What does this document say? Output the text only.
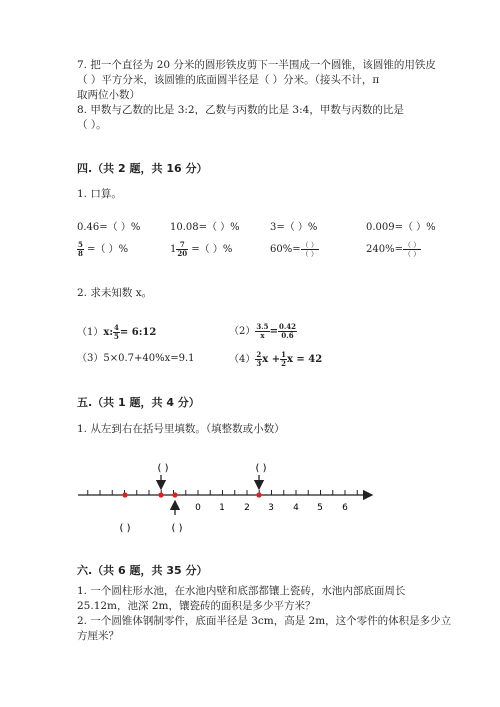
7. 把一个直径为 20 分米的圆形铁皮剪下一半围成一个圆锥，该圆锥的用铁皮
（ ）平方分米，该圆锥的底面圆半径是（ ）分米。（接头不计，π
取两位小数）
8. 甲数与乙数的比是 3:2，乙数与丙数的比是 3:4，甲数与丙数的比是
（ ）。
四.（共 2 题，共 16 分）
1. 口算。
0.46=（ ）%	10.08=（ ）%	3=（ ）%	0.009=（ ）%
$\frac{5}{8}$ =（ ）%	$1 \frac{7}{20}$ =（ ）%	$60\%= \frac{( )}{( )}$	$240\%= \frac{( )}{( )}$
2. 求未知数 x。
（1）x: $\frac{4}{5}$ = 6:12	$(2) \frac{3.5}{x} = \frac{0.42}{0.6}$
（3）5×0.7+40%x=9.1	$(4) \frac{2}{3}$ $x + \frac{1}{2}$ x = 42
五.（共 1 题，共 4 分）
1. 从左到右在括号里填数。（填整数或小数）
0 1 2 3 4 5 6
( )	( )
( )	( )
六.（共 6 题，共 35 分）
1. 一个圆柱形水池，在水池内壁和底部都镶上瓷砖，水池内部底面周长
25.12m，池深 2m，镶瓷砖的面积是多少平方米？
2. 一个圆锥体钢制零件，底面半径是 3cm，高是 2m，这个零件的体积是多少立
方厘米？
